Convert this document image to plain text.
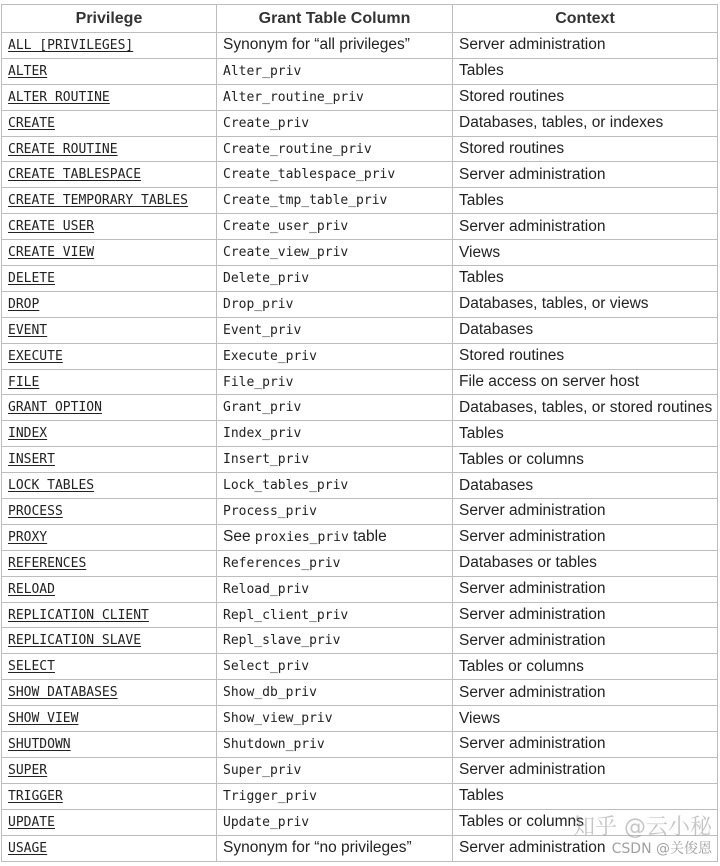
Privilege	Grant Table Column	Context
ALL [PRIVILEGES]	Synonym for “all privileges”	Server administration
ALTER	Alter_priv	Tables
ALTER ROUTINE	Alter_routine_priv	Stored routines
CREATE	Create_priv	Databases, tables, or indexes
CREATE ROUTINE	Create_routine_priv	Stored routines
CREATE TABLESPACE	Create_tablespace_priv	Server administration
CREATE TEMPORARY TABLES	Create_tmp_table_priv	Tables
CREATE USER	Create_user_priv	Server administration
CREATE VIEW	Create_view_priv	Views
DELETE	Delete_priv	Tables
DROP	Drop_priv	Databases, tables, or views
EVENT	Event_priv	Databases
EXECUTE	Execute_priv	Stored routines
FILE	File_priv	File access on server host
GRANT OPTION	Grant_priv	Databases, tables, or stored routines
INDEX	Index_priv	Tables
INSERT	Insert_priv	Tables or columns
LOCK TABLES	Lock_tables_priv	Databases
PROCESS	Process_priv	Server administration
PROXY	See proxies_priv table	Server administration
REFERENCES	References_priv	Databases or tables
RELOAD	Reload_priv	Server administration
REPLICATION CLIENT	Repl_client_priv	Server administration
REPLICATION SLAVE	Repl_slave_priv	Server administration
SELECT	Select_priv	Tables or columns
SHOW DATABASES	Show_db_priv	Server administration
SHOW VIEW	Show_view_priv	Views
SHUTDOWN	Shutdown_priv	Server administration
SUPER	Super_priv	Server administration
TRIGGER	Trigger_priv	Tables
UPDATE	Update_priv	Tables or columns
USAGE	Synonym for “no privileges”	Server administration
知乎 @云小秘
CSDN @关俊恩
